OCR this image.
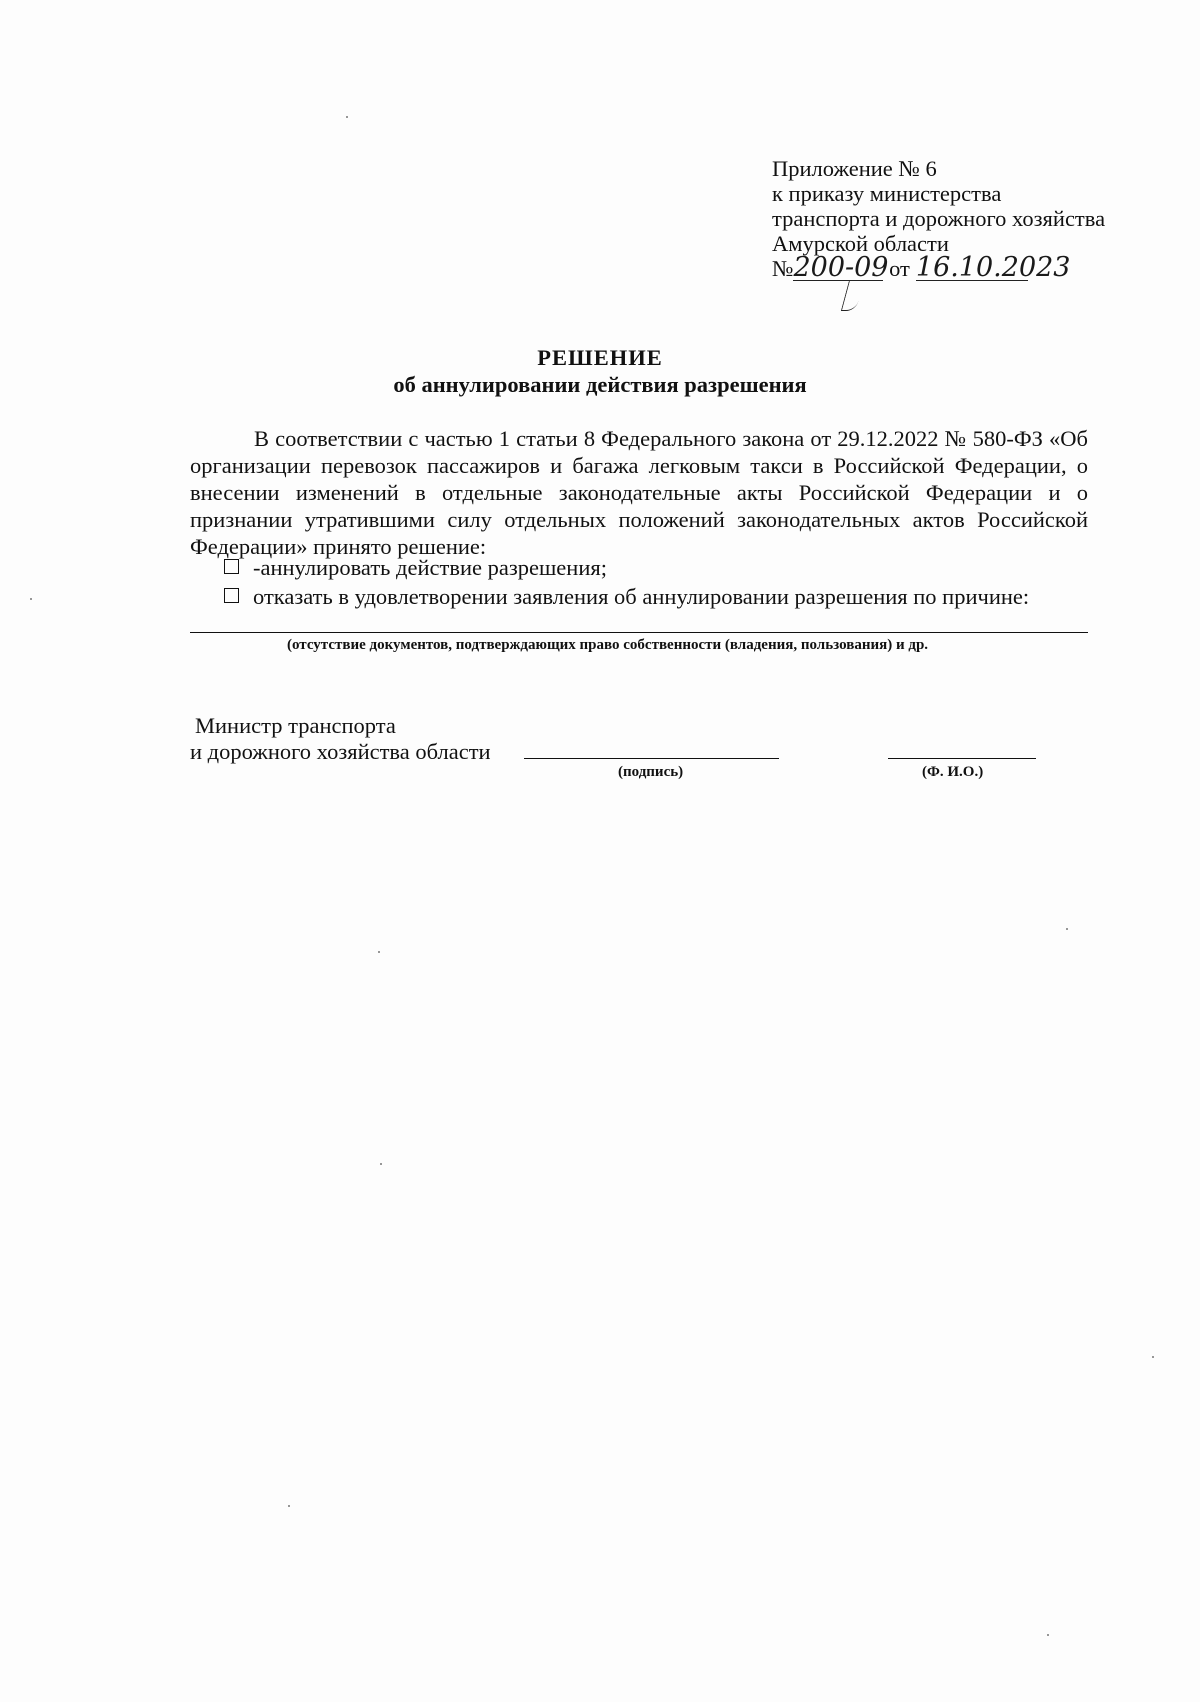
Приложение № 6
к приказу министерства
транспорта и дорожного хозяйства
Амурской области
№200-09 от 16.10.2023
РЕШЕНИЕ
об аннулировании действия разрешения

В соответствии с частью 1 статьи 8 Федерального закона от 29.12.2022 № 580-ФЗ «Об организации перевозок пассажиров и багажа легковым такси в Российской Федерации, о внесении изменений в отдельные законодательные акты Российской Федерации и о признании утратившими силу отдельных положений законодательных актов Российской Федерации» принято решение:

-аннулировать действие разрешения;
отказать в удовлетворении заявления об аннулировании разрешения по причине:
(отсутствие документов, подтверждающих право собственности (владения, пользования) и др.
Министр транспорта
и дорожного хозяйства области
(подпись)	(Ф. И.О.)
